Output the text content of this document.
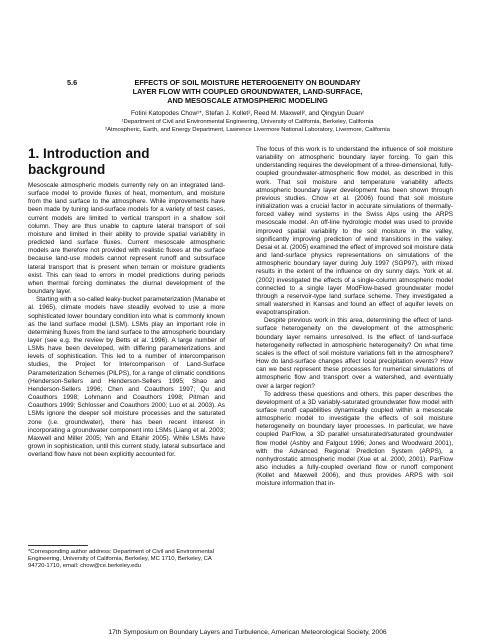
5.6	EFFECTS OF SOIL MOISTURE HETEROGENEITY ON BOUNDARY
LAYER FLOW WITH COUPLED GROUNDWATER, LAND-SURFACE,
AND MESOSCALE ATMOSPHERIC MODELING
Fotini Katopodes Chow¹*, Stefan J. Kollet², Reed M. Maxwell², and Qingyun Duan²
¹Department of Civil and Environmental Engineering, University of California, Berkeley, California
²Atmospheric, Earth, and Energy Department, Lawrence Livermore National Laboratory, Livermore, California
1. Introduction and background

Mesoscale atmospheric models currently rely on an integrated land-surface model to provide fluxes of heat, momentum, and moisture from the land surface to the atmosphere. While improvements have been made by tuning land-surface models for a variety of test cases, current models are limited to vertical transport in a shallow soil column. They are thus unable to capture lateral transport of soil moisture and limited in their ability to provide spatial variability in predicted land surface fluxes. Current mesoscale atmospheric models are therefore not provided with realistic fluxes at the surface because land-use models cannot represent runoff and subsurface lateral transport that is present when terrain or moisture gradients exist. This can lead to errors in model predictions during periods when thermal forcing dominates the diurnal development of the boundary layer.

Starting with a so-called leaky-bucket parameterization (Manabe et al. 1965), climate models have steadily evolved to use a more sophisticated lower boundary condition into what is commonly known as the land surface model (LSM). LSMs play an important role in determining fluxes from the land surface to the atmospheric boundary layer (see e.g. the review by Betts et al. 1996). A large number of LSMs have been developed, with differing parameterizations and levels of sophistication. This led to a number of intercomparison studies, the Project for Intercomparison of Land-Surface Parameterization Schemes (PILPS), for a range of climatic conditions (Henderson-Sellers and Henderson-Sellers 1995; Shao and Henderson-Sellers 1996; Chen and Coauthors 1997; Qu and Coauthors 1998; Lohmann and Coauthors 1998; Pitman and Coauthors 1999; Schlosser and Coauthors 2000; Luo et al. 2003). As LSMs ignore the deeper soil moisture processes and the saturated zone (i.e. groundwater), there has been recent interest in incorporating a groundwater component into LSMs (Liang et al. 2003; Maxwell and Miller 2005; Yeh and Eltahir 2005). While LSMs have grown in sophistication, until this current study, lateral subsurface and overland flow have not been explicitly accounted for.

*Corresponding author address: Department of Civil and Environmental Engineering, University of California, Berkeley, MC 1710, Berkeley, CA 94720-1710, email: chow@ce.berkeley.edu

The focus of this work is to understand the influence of soil moisture variability on atmospheric boundary layer forcing. To gain this understanding requires the development of a three-dimensional, fully-coupled groundwater-atmospheric flow model, as described in this work. That soil moisture and temperature variability affects atmospheric boundary layer development has been shown through previous studies. Chow et al. (2006) found that soil moisture initialization was a crucial factor in accurate simulations of thermally-forced valley wind systems in the Swiss Alps using the ARPS mesoscale model. An off-line hydrologic model was used to provide improved spatial variability to the soil moisture in the valley, significantly improving prediction of wind transitions in the valley. Desai et al. (2005) examined the effect of improved soil moisture data and land-surface physics representations on simulations of the atmospheric boundary layer during July 1997 (SGP97), with mixed results in the extent of the influence on dry sunny days. York et al. (2002) investigated the effects of a single-column atmospheric model connected to a single layer ModFlow-based groundwater model through a reservoir-type land surface scheme. They investigated a small watershed in Kansas and found an effect of aquifer levels on evapotranspiration.

Despite previous work in this area, determining the effect of land-surface heterogeneity on the development of the atmospheric boundary layer remains unresolved. Is the effect of land-surface heterogeneity reflected in atmospheric heterogeneity? On what time scales is the effect of soil moisture variations felt in the atmosphere? How do land-surface changes affect local precipitation events? How can we best represent these processes for numerical simulations of atmospheric flow and transport over a watershed, and eventually over a larger region?

To address these questions and others, this paper describes the development of a 3D variably-saturated groundwater flow model with surface runoff capabilities dynamically coupled within a mesoscale atmospheric model to investigate the effects of soil moisture heterogeneity on boundary layer processes. In particular, we have coupled ParFlow, a 3D parallel unsaturated/saturated groundwater flow model (Ashby and Falgout 1996; Jones and Woodward 2001), with the Advanced Regional Prediction System (ARPS), a nonhydrostatic atmospheric model (Xue et al. 2000, 2001). ParFlow also includes a fully-coupled overland flow or runoff component (Kollet and Maxwell 2006), and thus provides ARPS with soil moisture information that in-

17th Symposium on Boundary Layers and Turbulence, American Meteorological Society, 2006
